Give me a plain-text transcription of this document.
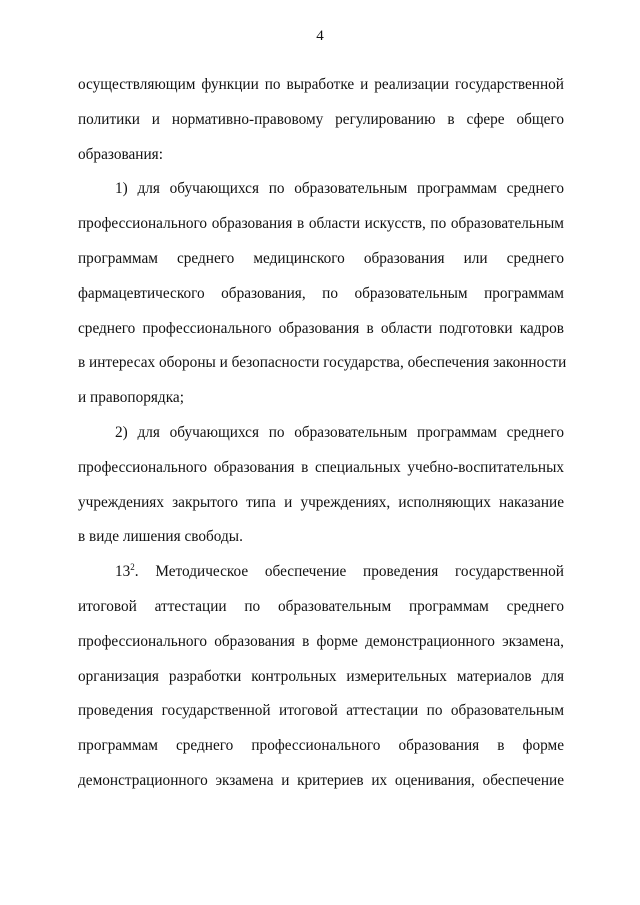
4
осуществляющим функции по выработке и реализации государственной
политики и нормативно-правовому регулированию в сфере общего
образования:
1) для обучающихся по образовательным программам среднего
профессионального образования в области искусств, по образовательным
программам среднего медицинского образования или среднего
фармацевтического образования, по образовательным программам
среднего профессионального образования в области подготовки кадров
в интересах обороны и безопасности государства, обеспечения законности
и правопорядка;
2) для обучающихся по образовательным программам среднего
профессионального образования в специальных учебно-воспитательных
учреждениях закрытого типа и учреждениях, исполняющих наказание
в виде лишения свободы.
$13^2$. Методическое обеспечение проведения государственной
итоговой аттестации по образовательным программам среднего
профессионального образования в форме демонстрационного экзамена,
организация разработки контрольных измерительных материалов для
проведения государственной итоговой аттестации по образовательным
программам среднего профессионального образования в форме
демонстрационного экзамена и критериев их оценивания, обеспечение
